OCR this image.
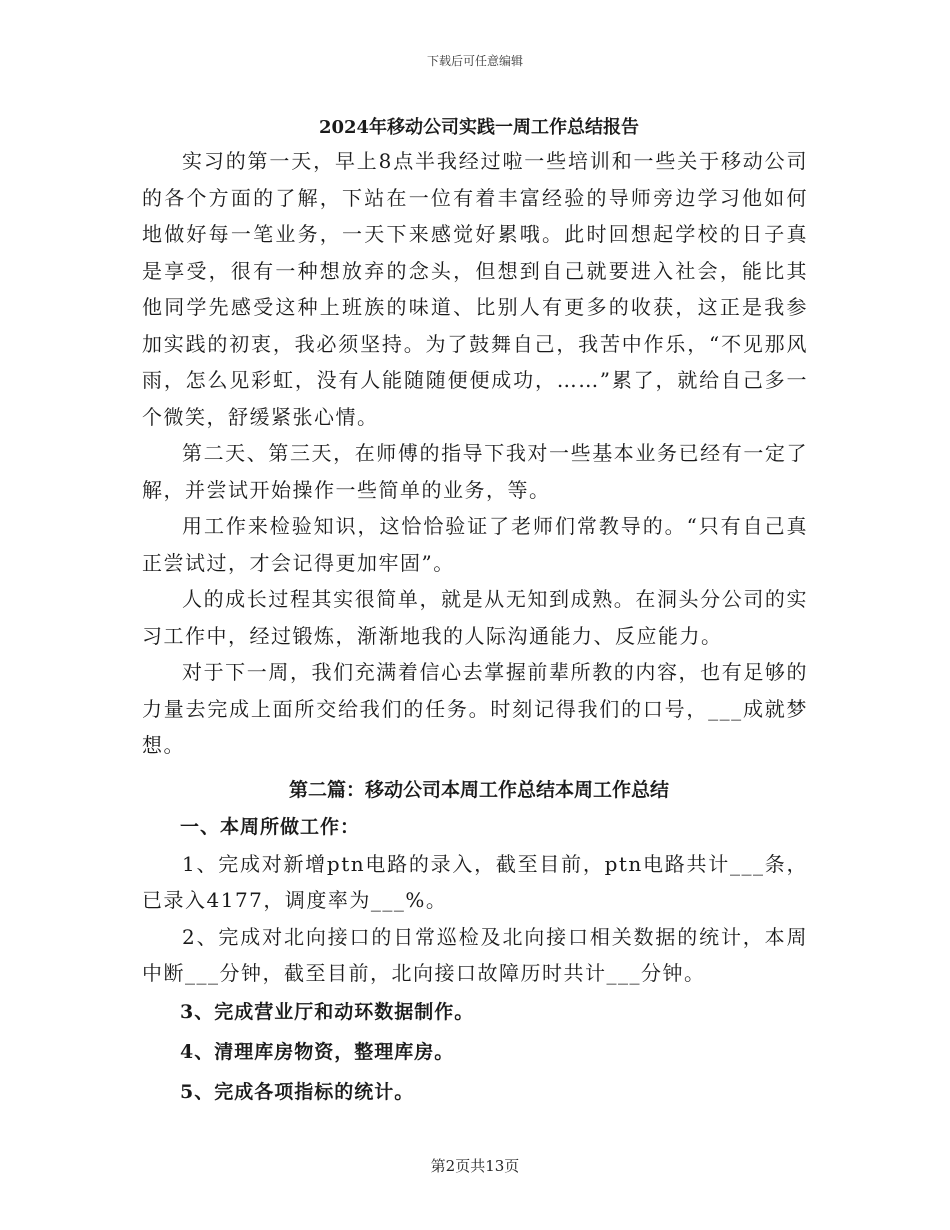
下载后可任意编辑
2024年移动公司实践一周工作总结报告

实习的第一天，早上8点半我经过啦一些培训和一些关于移动公司的各个方面的了解，下站在一位有着丰富经验的导师旁边学习他如何地做好每一笔业务，一天下来感觉好累哦。此时回想起学校的日子真是享受，很有一种想放弃的念头，但想到自己就要进入社会，能比其他同学先感受这种上班族的味道、比别人有更多的收获，这正是我参加实践的初衷，我必须坚持。为了鼓舞自己，我苦中作乐，“不见那风雨，怎么见彩虹，没有人能随随便便成功，……”累了，就给自己多一个微笑，舒缓紧张心情。

第二天、第三天，在师傅的指导下我对一些基本业务已经有一定了解，并尝试开始操作一些简单的业务，等。

用工作来检验知识，这恰恰验证了老师们常教导的。“只有自己真正尝试过，才会记得更加牢固”。

人的成长过程其实很简单，就是从无知到成熟。在洞头分公司的实习工作中，经过锻炼，渐渐地我的人际沟通能力、反应能力。

对于下一周，我们充满着信心去掌握前辈所教的内容，也有足够的力量去完成上面所交给我们的任务。时刻记得我们的口号，___成就梦想。

第二篇：移动公司本周工作总结本周工作总结
一、本周所做工作：

1、完成对新增ptn电路的录入，截至目前，ptn电路共计___条，已录入4177，调度率为___%。

2、完成对北向接口的日常巡检及北向接口相关数据的统计，本周中断___分钟，截至目前，北向接口故障历时共计___分钟。

3、完成营业厅和动环数据制作。

4、清理库房物资，整理库房。

5、完成各项指标的统计。

第2页共13页
